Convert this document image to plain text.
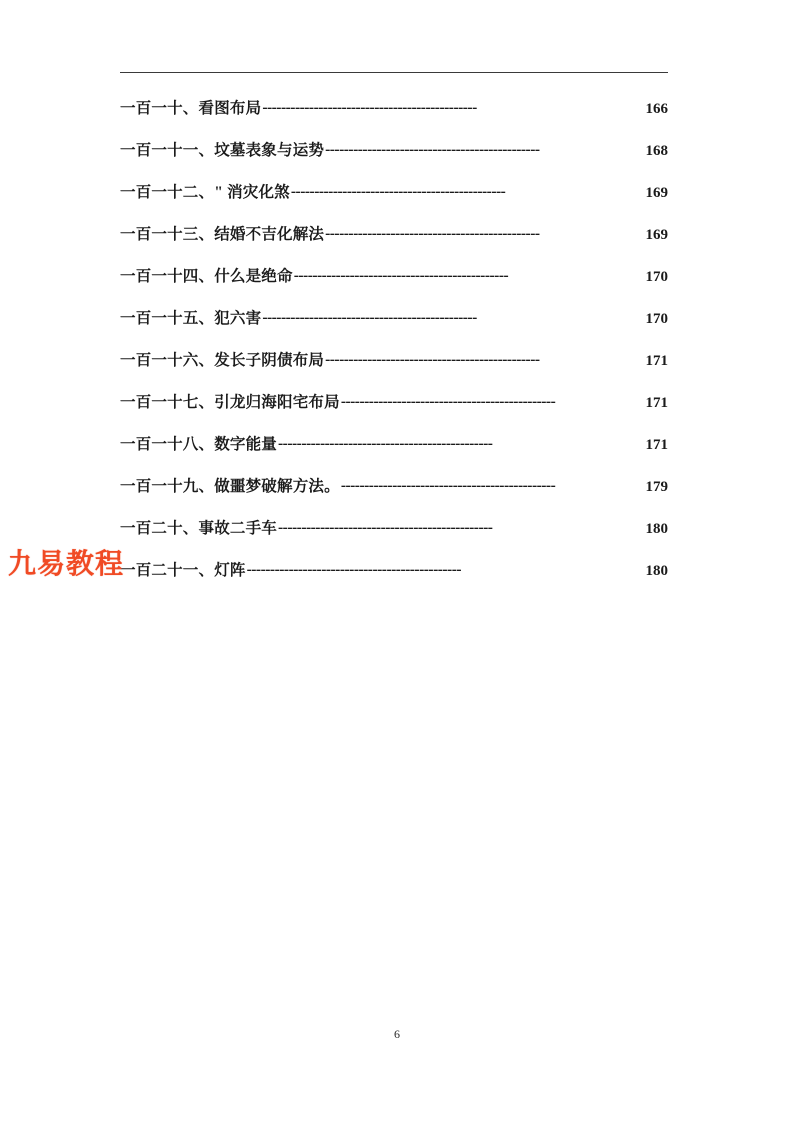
一百一十、看图布局 ----------------------------------------------	166
一百一十一、坟墓表象与运势 ----------------------------------------------	168
一百一十二、" 消灾化煞 ----------------------------------------------	169
一百一十三、结婚不吉化解法 ----------------------------------------------	169
一百一十四、什么是绝命 ----------------------------------------------	170
一百一十五、犯六害 ----------------------------------------------	170
一百一十六、发长子阴债布局 ----------------------------------------------	171
一百一十七、引龙归海阳宅布局 ----------------------------------------------	171
一百一十八、数字能量 ----------------------------------------------	171
一百一十九、做噩梦破解方法。 ----------------------------------------------	179
一百二十、事故二手车 ----------------------------------------------	180
一百二十一、灯阵 ----------------------------------------------	180
九易教程
6
